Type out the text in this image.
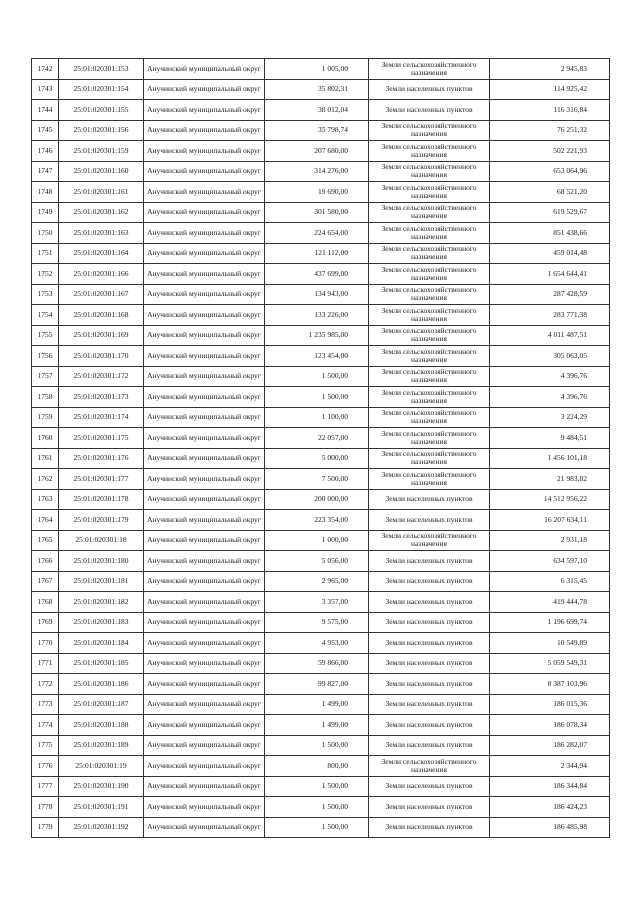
1742	25:01:020301:153	Анучинский муниципальный округ	1 005,00	Земли сельскохозяйственного назначения	2 945,83
1743	25:01:020301:154	Анучинский муниципальный округ	35 802,31	Земли населенных пунктов	114 925,42
1744	25:01:020301:155	Анучинский муниципальный округ	38 012,04	Земли населенных пунктов	116 316,84
1745	25:01:020301:156	Анучинский муниципальный округ	35 798,74	Земли сельскохозяйственного назначения	76 251,32
1746	25:01:020301:159	Анучинский муниципальный округ	207 680,00	Земли сельскохозяйственного назначения	502 221,93
1747	25:01:020301:160	Анучинский муниципальный округ	314 276,00	Земли сельскохозяйственного назначения	653 064,96
1748	25:01:020301:161	Анучинский муниципальный округ	19 690,00	Земли сельскохозяйственного назначения	68 521,20
1749	25:01:020301:162	Анучинский муниципальный округ	301 580,00	Земли сельскохозяйственного назначения	619 529,67
1750	25:01:020301:163	Анучинский муниципальный округ	224 654,00	Земли сельскохозяйственного назначения	851 438,66
1751	25:01:020301:164	Анучинский муниципальный округ	121 112,00	Земли сельскохозяйственного назначения	459 014,48
1752	25:01:020301:166	Анучинский муниципальный округ	437 699,00	Земли сельскохозяйственного назначения	1 654 644,41
1753	25:01:020301:167	Анучинский муниципальный округ	134 943,00	Земли сельскохозяйственного назначения	287 428,59
1754	25:01:020301:168	Анучинский муниципальный округ	133 226,00	Земли сельскохозяйственного назначения	283 771,38
1755	25:01:020301:169	Анучинский муниципальный округ	1 235 985,00	Земли сельскохозяйственного назначения	4 011 487,51
1756	25:01:020301:170	Анучинский муниципальный округ	123 454,00	Земли сельскохозяйственного назначения	305 063,05
1757	25:01:020301:172	Анучинский муниципальный округ	1 500,00	Земли сельскохозяйственного назначения	4 396,76
1758	25:01:020301:173	Анучинский муниципальный округ	1 500,00	Земли сельскохозяйственного назначения	4 396,76
1759	25:01:020301:174	Анучинский муниципальный округ	1 100,00	Земли сельскохозяйственного назначения	3 224,29
1760	25:01:020301:175	Анучинский муниципальный округ	22 057,00	Земли сельскохозяйственного назначения	9 484,51
1761	25:01:020301:176	Анучинский муниципальный округ	5 000,00	Земли сельскохозяйственного назначения	1 456 101,18
1762	25:01:020301:177	Анучинский муниципальный округ	7 500,00	Земли сельскохозяйственного назначения	21 983,82
1763	25:01:020301:178	Анучинский муниципальный округ	200 000,00	Земли населенных пунктов	14 512 956,22
1764	25:01:020301:179	Анучинский муниципальный округ	223 354,00	Земли населенных пунктов	16 207 634,11
1765	25:01:020301:18	Анучинский муниципальный округ	1 000,00	Земли сельскохозяйственного назначения	2 931,18
1766	25:01:020301:180	Анучинский муниципальный округ	5 056,00	Земли населенных пунктов	634 597,10
1767	25:01:020301:181	Анучинский муниципальный округ	2 965,00	Земли населенных пунктов	6 315,45
1768	25:01:020301:182	Анучинский муниципальный округ	3 357,00	Земли населенных пунктов	419 444,78
1769	25:01:020301:183	Анучинский муниципальный округ	9 575,00	Земли населенных пунктов	1 196 699,74
1770	25:01:020301:184	Анучинский муниципальный округ	4 953,00	Земли населенных пунктов	10 549,89
1771	25:01:020301:185	Анучинский муниципальный округ	59 866,00	Земли населенных пунктов	5 059 549,31
1772	25:01:020301:186	Анучинский муниципальный округ	99 827,00	Земли населенных пунктов	8 387 103,96
1773	25:01:020301:187	Анучинский муниципальный округ	1 499,00	Земли населенных пунктов	186 015,36
1774	25:01:020301:188	Анучинский муниципальный округ	1 499,00	Земли населенных пунктов	186 078,34
1775	25:01:020301:189	Анучинский муниципальный округ	1 500,00	Земли населенных пунктов	186 282,07
1776	25:01:020301:19	Анучинский муниципальный округ	800,00	Земли сельскохозяйственного назначения	2 344,94
1777	25:01:020301:190	Анучинский муниципальный округ	1 500,00	Земли населенных пунктов	186 344,84
1778	25:01:020301:191	Анучинский муниципальный округ	1 500,00	Земли населенных пунктов	186 424,23
1779	25:01:020301:192	Анучинский муниципальный округ	1 500,00	Земли населенных пунктов	186 485,98
